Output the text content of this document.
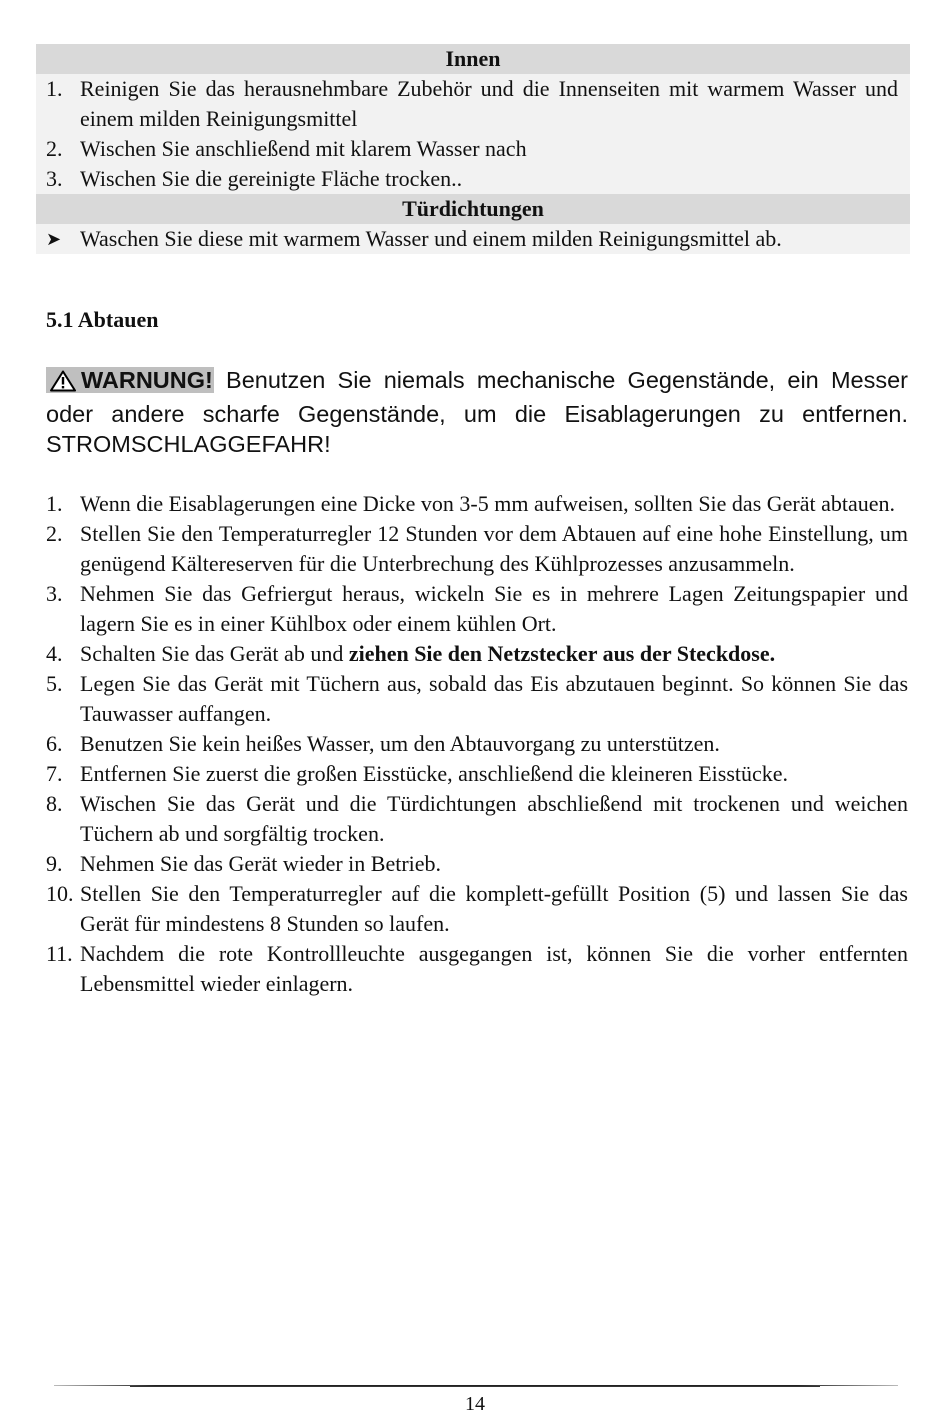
Innen
1. Reinigen Sie das herausnehmbare Zubehör und die Innenseiten mit warmem Wasser und einem milden Reinigungsmittel
2. Wischen Sie anschließend mit klarem Wasser nach
3. Wischen Sie die gereinigte Fläche trocken..
Türdichtungen
➤ Waschen Sie diese mit warmem Wasser und einem milden Reinigungsmittel ab.
5.1 Abtauen
WARNUNG! Benutzen Sie niemals mechanische Gegenstände, ein Messer oder andere scharfe Gegenstände, um die Eisablagerungen zu entfernen. STROMSCHLAGGEFAHR!
1. Wenn die Eisablagerungen eine Dicke von 3-5 mm aufweisen, sollten Sie das Gerät abtauen.
2. Stellen Sie den Temperaturregler 12 Stunden vor dem Abtauen auf eine hohe Einstellung, um genügend Kältereserven für die Unterbrechung des Kühlprozesses anzusammeln.
3. Nehmen Sie das Gefriergut heraus, wickeln Sie es in mehrere Lagen Zeitungspapier und lagern Sie es in einer Kühlbox oder einem kühlen Ort.
4. Schalten Sie das Gerät ab und ziehen Sie den Netzstecker aus der Steckdose.
5. Legen Sie das Gerät mit Tüchern aus, sobald das Eis abzutauen beginnt. So können Sie das Tauwasser auffangen.
6. Benutzen Sie kein heißes Wasser, um den Abtauvorgang zu unterstützen.
7. Entfernen Sie zuerst die großen Eisstücke, anschließend die kleineren Eisstücke.
8. Wischen Sie das Gerät und die Türdichtungen abschließend mit trockenen und weichen Tüchern ab und sorgfältig trocken.
9. Nehmen Sie das Gerät wieder in Betrieb.
10. Stellen Sie den Temperaturregler auf die komplett-gefüllt Position (5) und lassen Sie das Gerät für mindestens 8 Stunden so laufen.
11. Nachdem die rote Kontrollleuchte ausgegangen ist, können Sie die vorher entfernten Lebensmittel wieder einlagern.
14
